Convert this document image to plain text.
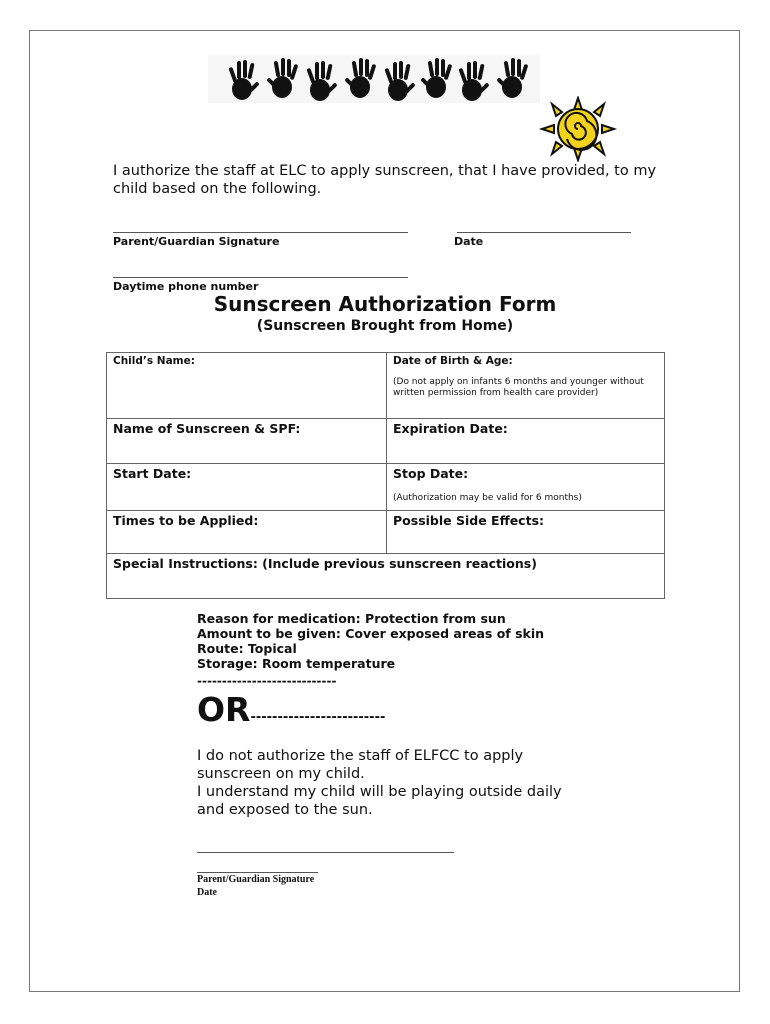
I authorize the staff at ELC to apply sunscreen, that I have provided, to my child based on the following.
Parent/Guardian Signature	Date
Daytime phone number
Sunscreen Authorization Form
(Sunscreen Brought from Home)
Child’s Name:	Date of Birth & Age:
(Do not apply on infants 6 months and younger without written permission from health care provider)

Name of Sunscreen & SPF:	Expiration Date:
Start Date:	Stop Date:
(Authorization may be valid for 6 months)

Times to be Applied:	Possible Side Effects:
Special Instructions: (Include previous sunscreen reactions)	
Reason for medication: Protection from sun
Amount to be given: Cover exposed areas of skin
Route: Topical
Storage: Room temperature
----------------------------
OR-------------------------
I do not authorize the staff of ELFCC to apply sunscreen on my child.
I understand my child will be playing outside daily and exposed to the sun.
Parent/Guardian Signature
Date
